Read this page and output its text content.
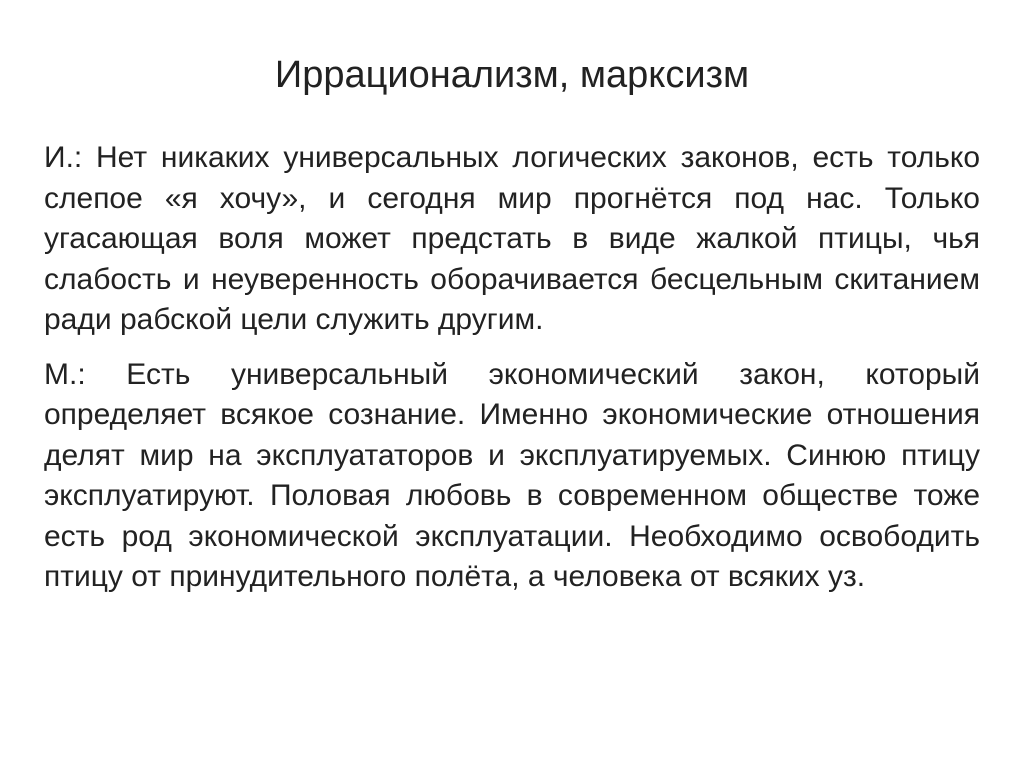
Иррационализм, марксизм

И.: Нет никаких универсальных логических законов, есть только слепое «я хочу», и сегодня мир прогнётся под нас. Только угасающая воля может предстать в виде жалкой птицы, чья слабость и неуверенность оборачивается бесцельным скитанием ради рабской цели служить другим.

М.: Есть универсальный экономический закон, который определяет всякое сознание. Именно экономические отношения делят мир на эксплуататоров и эксплуатируемых. Синюю птицу эксплуатируют. Половая любовь в современном обществе тоже есть род экономической эксплуатации. Необходимо освободить птицу от принудительного полёта, а человека от всяких уз.
